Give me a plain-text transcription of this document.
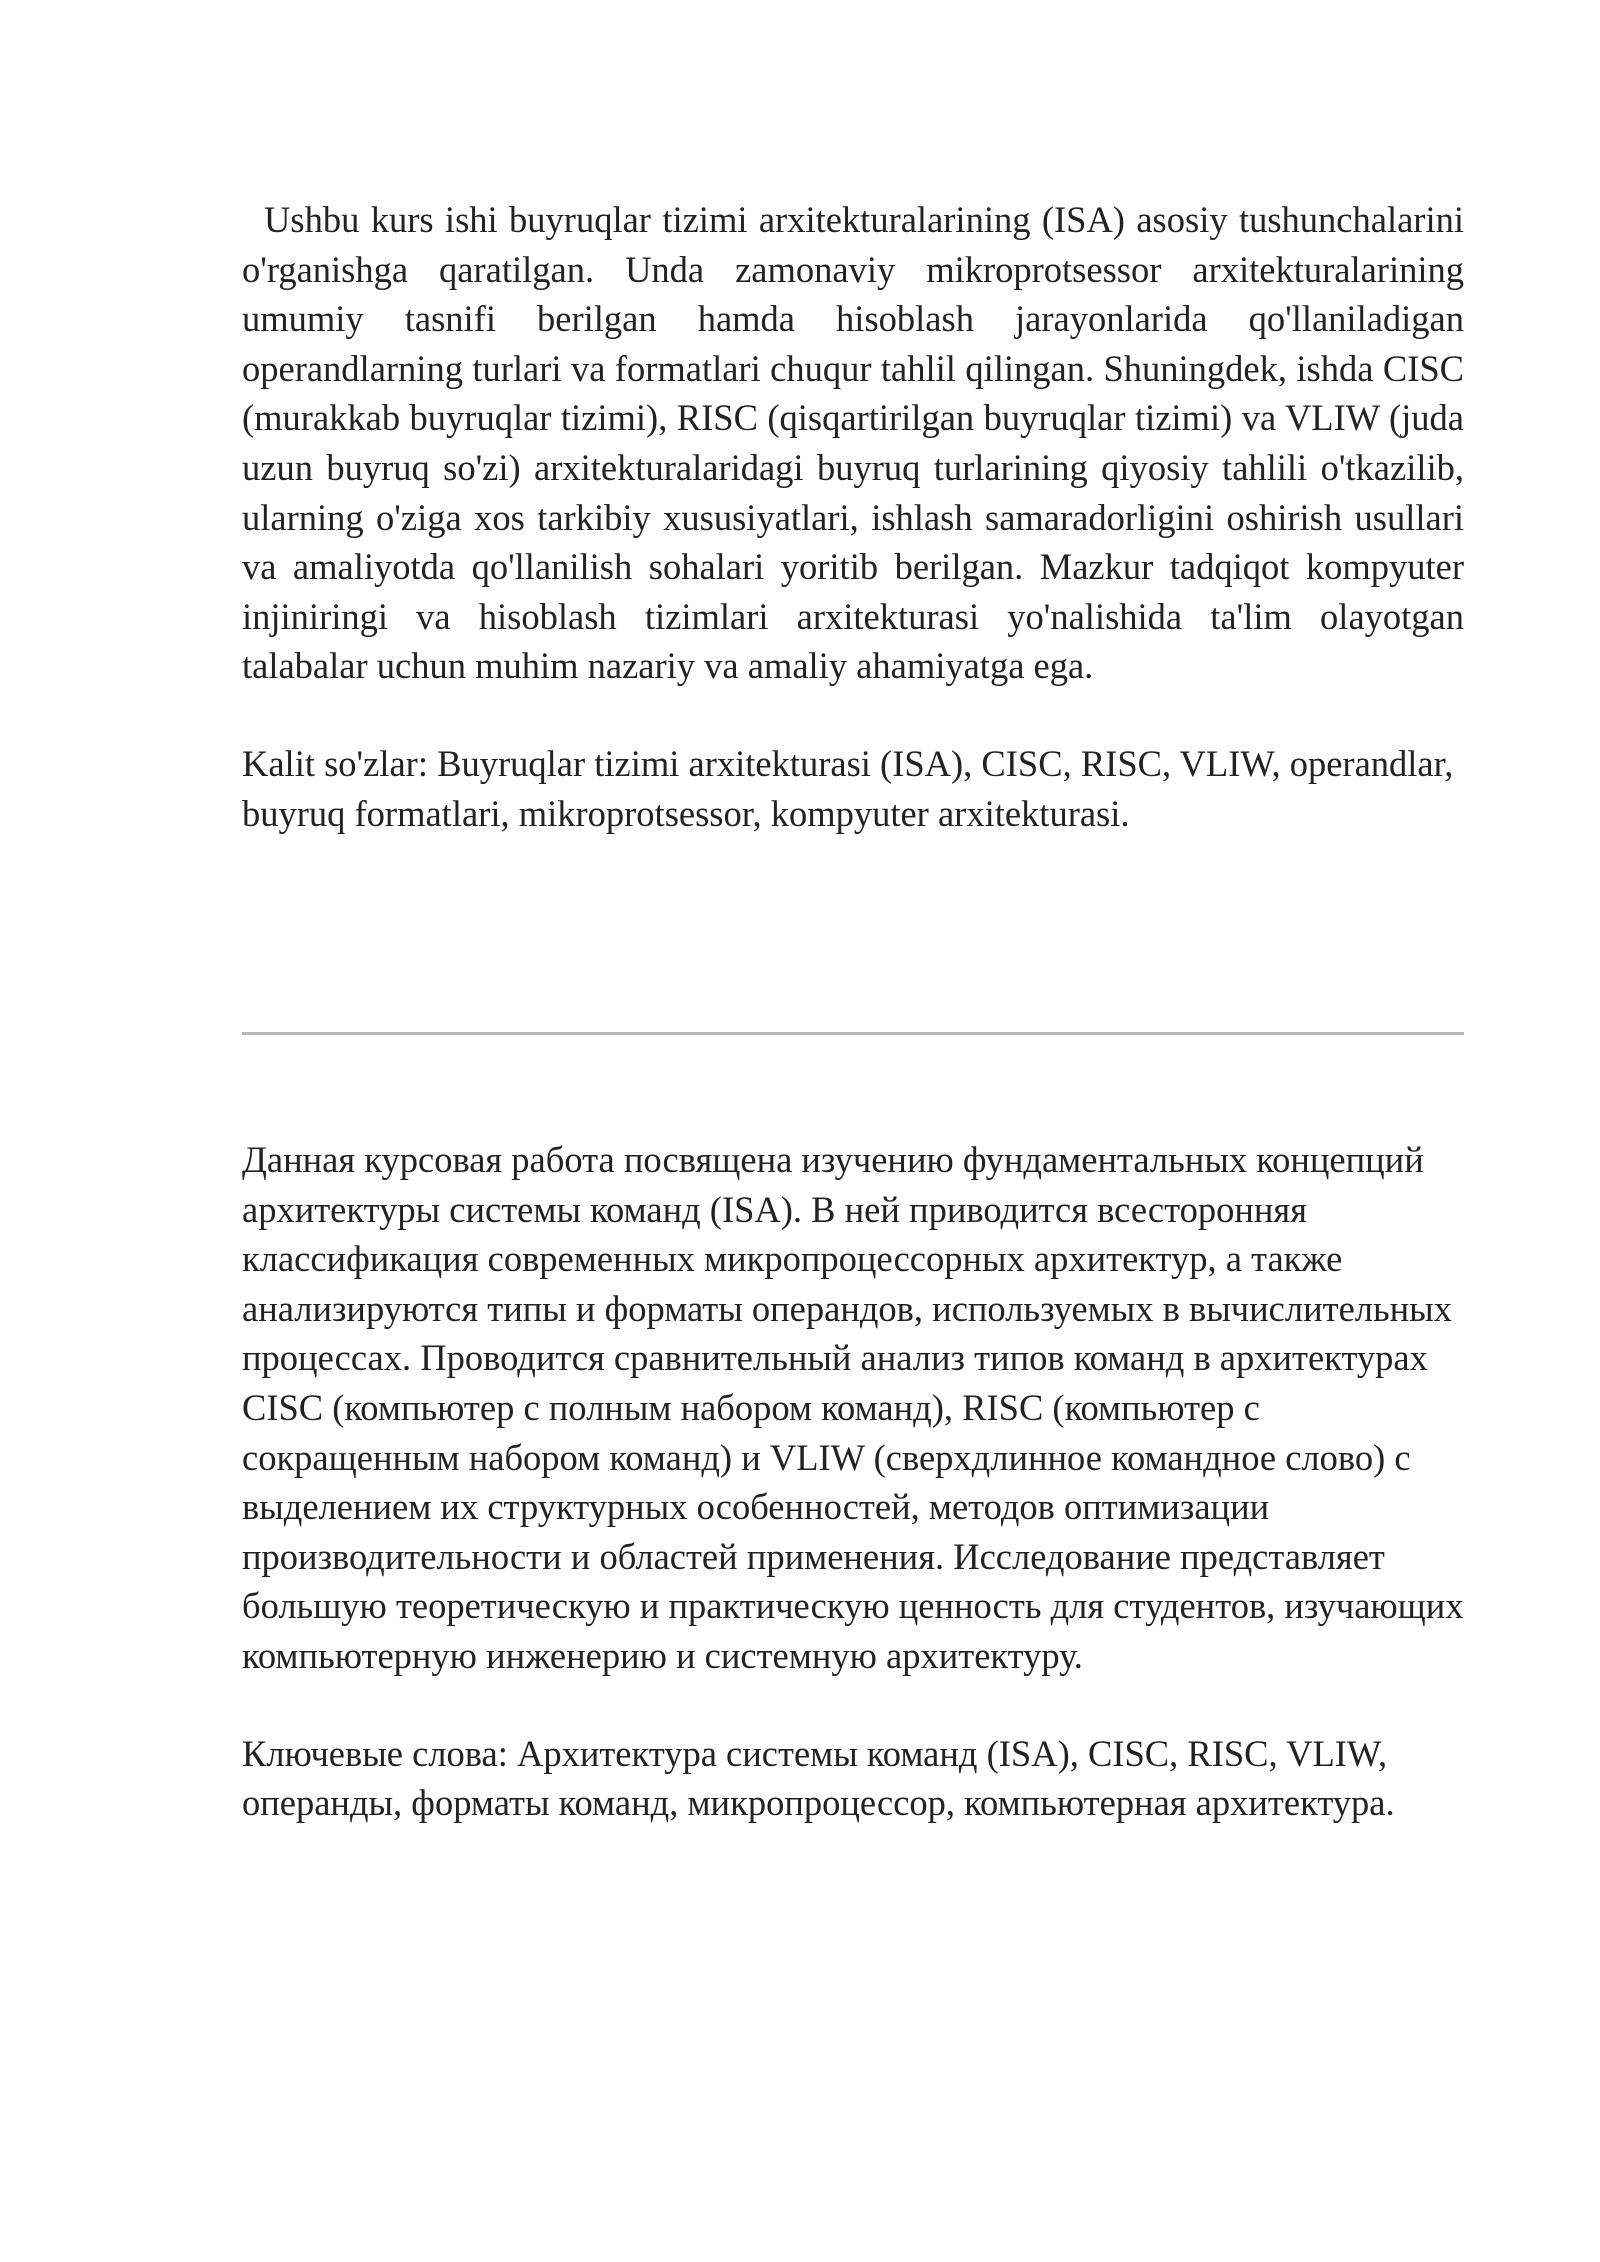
Ushbu kurs ishi buyruqlar tizimi arxitekturalarining (ISA) asosiy tushunchalarini o'rganishga qaratilgan. Unda zamonaviy mikroprotsessor arxitekturalarining umumiy tasnifi berilgan hamda hisoblash jarayonlarida qo'llaniladigan operandlarning turlari va formatlari chuqur tahlil qilingan. Shuningdek, ishda CISC (murakkab buyruqlar tizimi), RISC (qisqartirilgan buyruqlar tizimi) va VLIW (juda uzun buyruq so'zi) arxitekturalaridagi buyruq turlarining qiyosiy tahlili o'tkazilib, ularning o'ziga xos tarkibiy xususiyatlari, ishlash samaradorligini oshirish usullari va amaliyotda qo'llanilish sohalari yoritib berilgan. Mazkur tadqiqot kompyuter injiniringi va hisoblash tizimlari arxitekturasi yo'nalishida ta'lim olayotgan talabalar uchun muhim nazariy va amaliy ahamiyatga ega.

Kalit so'zlar: Buyruqlar tizimi arxitekturasi (ISA), CISC, RISC, VLIW, operandlar, buyruq formatlari, mikroprotsessor, kompyuter arxitekturasi.

Данная курсовая работа посвящена изучению фундаментальных концепций архитектуры системы команд (ISA). В ней приводится всесторонняя классификация современных микропроцессорных архитектур, а также анализируются типы и форматы операндов, используемых в вычислительных процессах. Проводится сравнительный анализ типов команд в архитектурах CISC (компьютер с полным набором команд), RISC (компьютер с сокращенным набором команд) и VLIW (сверхдлинное командное слово) с выделением их структурных особенностей, методов оптимизации производительности и областей применения. Исследование представляет большую теоретическую и практическую ценность для студентов, изучающих компьютерную инженерию и системную архитектуру.

Ключевые слова: Архитектура системы команд (ISA), CISC, RISC, VLIW, операнды, форматы команд, микропроцессор, компьютерная архитектура.
